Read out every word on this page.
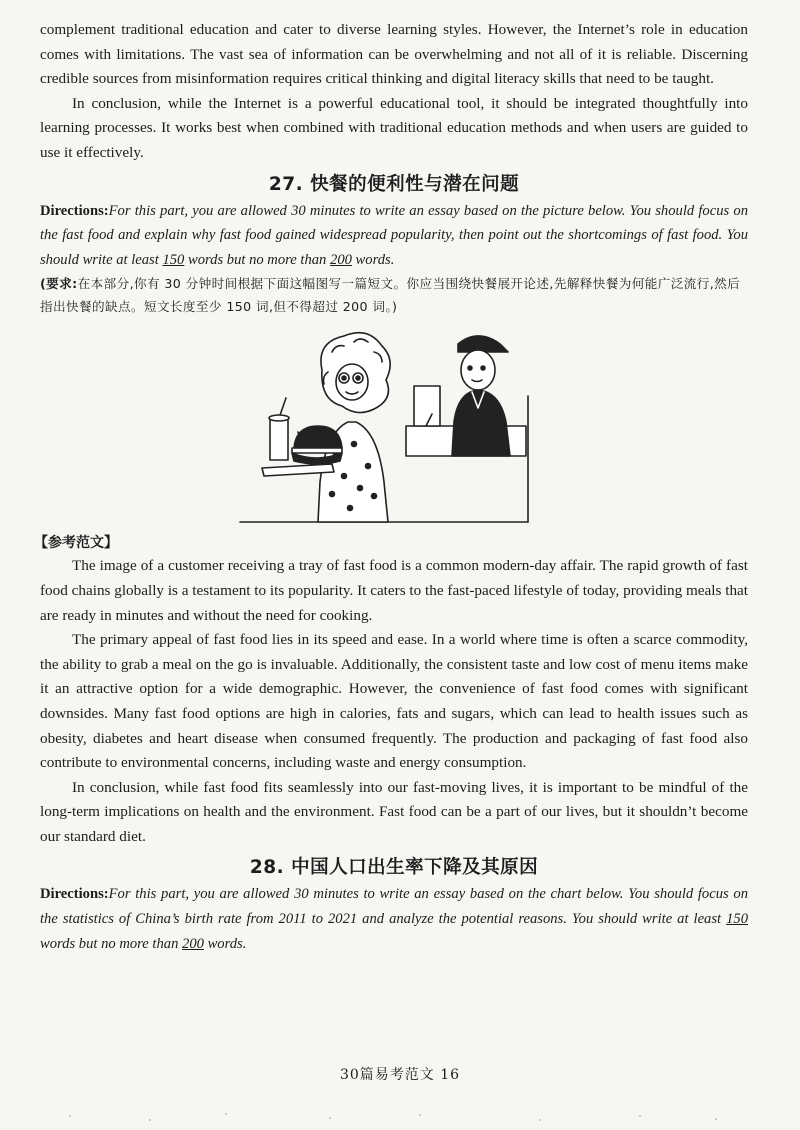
complement traditional education and cater to diverse learning styles. However, the Internet’s role in education comes with limitations. The vast sea of information can be overwhelming and not all of it is reliable. Discerning credible sources from misinformation requires critical thinking and digital literacy skills that need to be taught.

In conclusion, while the Internet is a powerful educational tool, it should be integrated thoughtfully into learning processes. It works best when combined with traditional education methods and when users are guided to use it effectively.

27. 快餐的便利性与潜在问题
Directions:For this part, you are allowed 30 minutes to write an essay based on the picture below. You should focus on the fast food and explain why fast food gained widespread popularity, then point out the shortcomings of fast food. You should write at least 150 words but no more than 200 words.
(要求:在本部分,你有 30 分钟时间根据下面这幅图写一篇短文。你应当围绕快餐展开论述,先解释快餐为何能广泛流行,然后指出快餐的缺点。短文长度至少 150 词,但不得超过 200 词。)
【参考范文】

The image of a customer receiving a tray of fast food is a common modern-day affair. The rapid growth of fast food chains globally is a testament to its popularity. It caters to the fast-paced lifestyle of today, providing meals that are ready in minutes and without the need for cooking.

The primary appeal of fast food lies in its speed and ease. In a world where time is often a scarce commodity, the ability to grab a meal on the go is invaluable. Additionally, the consistent taste and low cost of menu items make it an attractive option for a wide demographic. However, the convenience of fast food comes with significant downsides. Many fast food options are high in calories, fats and sugars, which can lead to health issues such as obesity, diabetes and heart disease when consumed frequently. The production and packaging of fast food also contribute to environmental concerns, including waste and energy consumption.

In conclusion, while fast food fits seamlessly into our fast-moving lives, it is important to be mindful of the long-term implications on health and the environment. Fast food can be a part of our lives, but it shouldn’t become our standard diet.

28. 中国人口出生率下降及其原因
Directions:For this part, you are allowed 30 minutes to write an essay based on the chart below. You should focus on the statistics of China’s birth rate from 2011 to 2021 and analyze the potential reasons. You should write at least 150 words but no more than 200 words.
30篇易考范文 16
